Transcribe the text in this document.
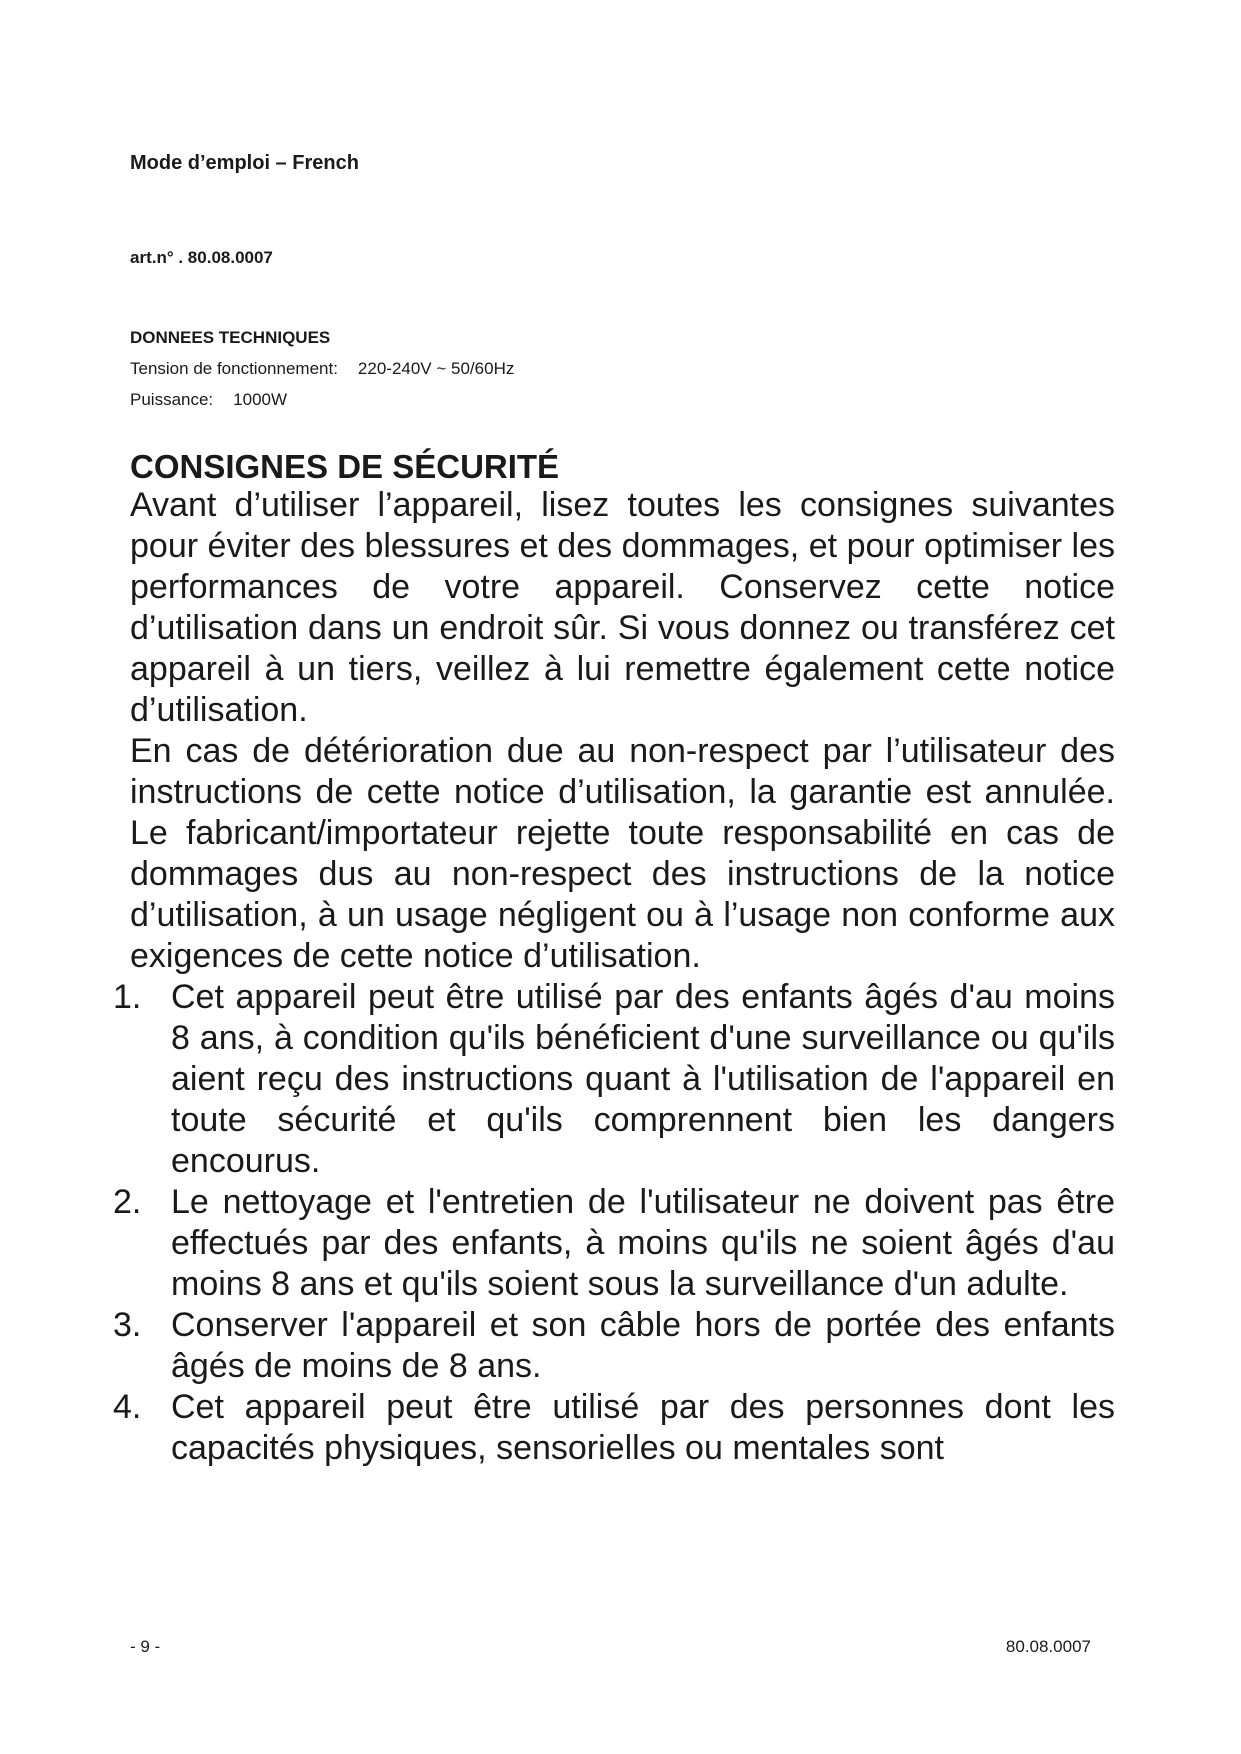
Mode d’emploi – French
art.n° . 80.08.0007
DONNEES TECHNIQUES
Tension de fonctionnement: 220-240V ~ 50/60Hz
Puissance: 1000W
CONSIGNES DE SÉCURITÉ

Avant d’utiliser l’appareil, lisez toutes les consignes suivantes pour éviter des blessures et des dommages, et pour optimiser les performances de votre appareil. Conservez cette notice d’utilisation dans un endroit sûr. Si vous donnez ou transférez cet appareil à un tiers, veillez à lui remettre également cette notice d’utilisation.

En cas de détérioration due au non-respect par l’utilisateur des instructions de cette notice d’utilisation, la garantie est annulée. Le fabricant/importateur rejette toute responsabilité en cas de dommages dus au non-respect des instructions de la notice d’utilisation, à un usage négligent ou à l’usage non conforme aux exigences de cette notice d’utilisation.

1. Cet appareil peut être utilisé par des enfants âgés d'au moins 8 ans, à condition qu'ils bénéficient d'une surveillance ou qu'ils aient reçu des instructions quant à l'utilisation de l'appareil en toute sécurité et qu'ils comprennent bien les dangers encourus.
2. Le nettoyage et l'entretien de l'utilisateur ne doivent pas être effectués par des enfants, à moins qu'ils ne soient âgés d'au moins 8 ans et qu'ils soient sous la surveillance d'un adulte.
3. Conserver l'appareil et son câble hors de portée des enfants âgés de moins de 8 ans.
4. Cet appareil peut être utilisé par des personnes dont les capacités physiques, sensorielles ou mentales sont
- 9 -	80.08.0007
